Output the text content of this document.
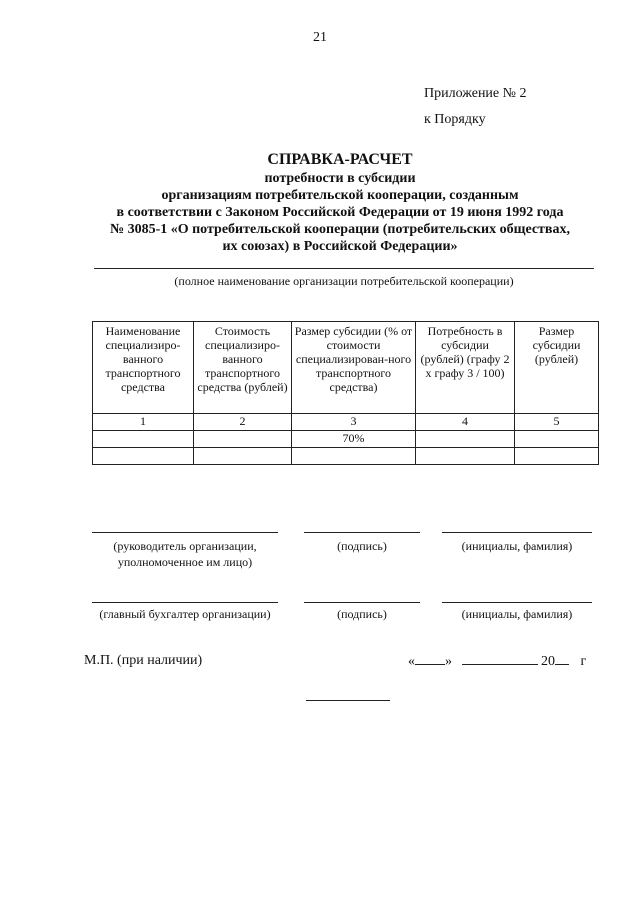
21
Приложение № 2
к Порядку
СПРАВКА-РАСЧЕТ
потребности в субсидии
организациям потребительской кооперации, созданным
в соответствии с Законом Российской Федерации от 19 июня 1992 года
№ 3085-1 «О потребительской кооперации (потребительских обществах,
их союзах) в Российской Федерации»
(полное наименование организации потребительской кооперации)
Наименование специализиро-ванного транспортного средства	Стоимость специализиро-ванного транспортного средства (рублей)	Размер субсидии (% от стоимости специализирован-ного транспортного средства)	Потребность в субсидии (рублей) (графу 2 х графу 3 / 100)	Размер субсидии (рублей)
1	2	3	4	5
		70%		

(руководитель организации, уполномоченное им лицо)
(подпись)	(инициалы, фамилия)
(главный бухгалтер организации)	(подпись)	(инициалы, фамилия)
М.П. (при наличии)	« »	20 г
